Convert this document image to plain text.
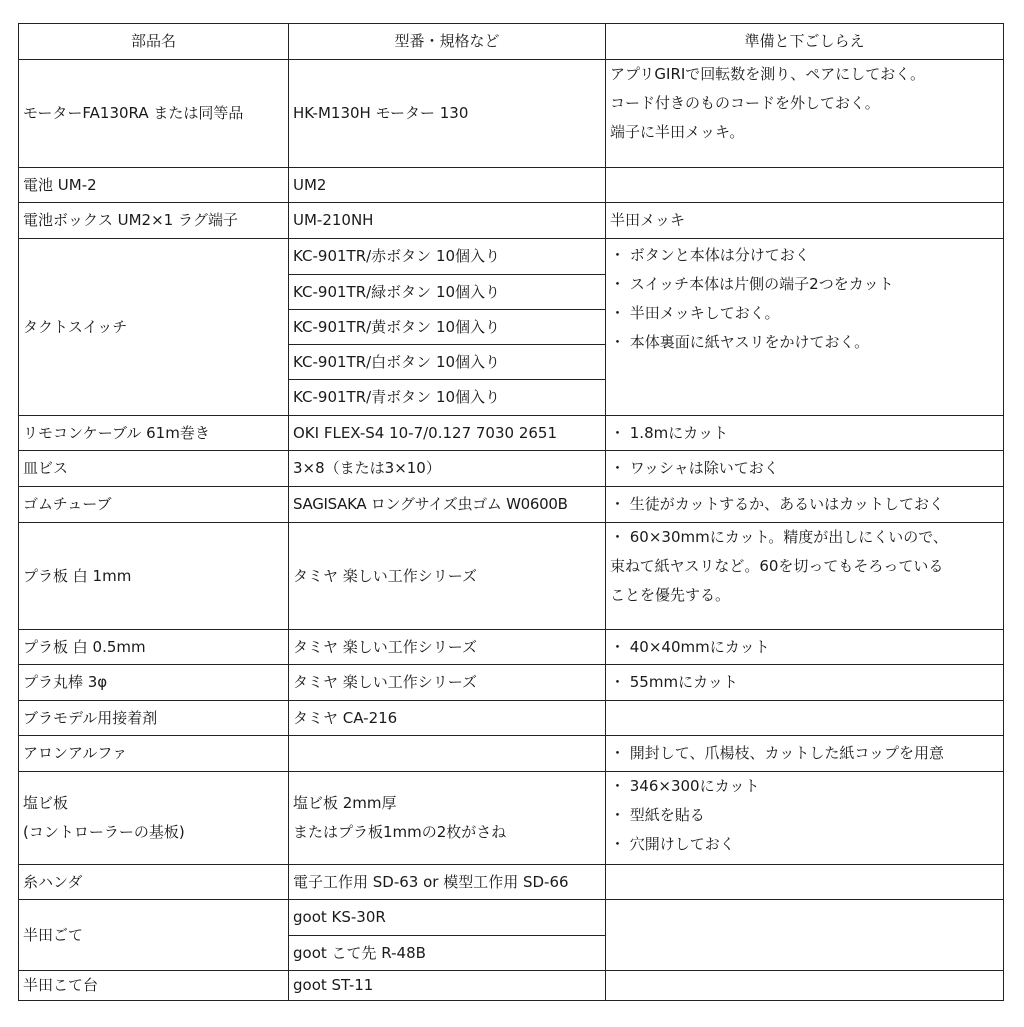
部品名	型番・規格など	準備と下ごしらえ
モーターFA130RA または同等品	HK-M130H モーター 130	アプリGIRIで回転数を測り、ペアにしておく。
コード付きのものコードを外しておく。
端子に半田メッキ。
電池 UM-2	UM2	
電池ボックス UM2×1 ラグ端子	UM-210NH	半田メッキ
タクトスイッチ	KC-901TR/赤ボタン 10個入り	・ ボタンと本体は分けておく
・ スイッチ本体は片側の端子2つをカット
・ 半田メッキしておく。
・ 本体裏面に紙ヤスリをかけておく。
	KC-901TR/緑ボタン 10個入り	
	KC-901TR/黄ボタン 10個入り	
	KC-901TR/白ボタン 10個入り	
	KC-901TR/青ボタン 10個入り	
リモコンケーブル 61m巻き	OKI FLEX-S4 10-7/0.127 7030 2651	・ 1.8mにカット
皿ビス	3×8（または3×10）	・ ワッシャは除いておく
ゴムチューブ	SAGISAKA ロングサイズ虫ゴム W0600B	・ 生徒がカットするか、あるいはカットしておく
プラ板 白 1mm	タミヤ 楽しい工作シリーズ	・ 60×30mmにカット。精度が出しにくいので、
束ねて紙ヤスリなど。60を切ってもそろっている
ことを優先する。
プラ板 白 0.5mm	タミヤ 楽しい工作シリーズ	・ 40×40mmにカット
プラ丸棒 3φ	タミヤ 楽しい工作シリーズ	・ 55mmにカット
ブラモデル用接着剤	タミヤ CA-216	
アロンアルファ		・ 開封して、爪楊枝、カットした紙コップを用意
塩ビ板
(コントローラーの基板)	塩ビ板 2mm厚
またはプラ板1mmの2枚がさね	・ 346×300にカット
・ 型紙を貼る
・ 穴開けしておく
糸ハンダ	電子工作用 SD-63 or 模型工作用 SD-66	
半田ごて	goot KS-30R	
	goot こて先 R-48B	
半田こて台	goot ST-11	
